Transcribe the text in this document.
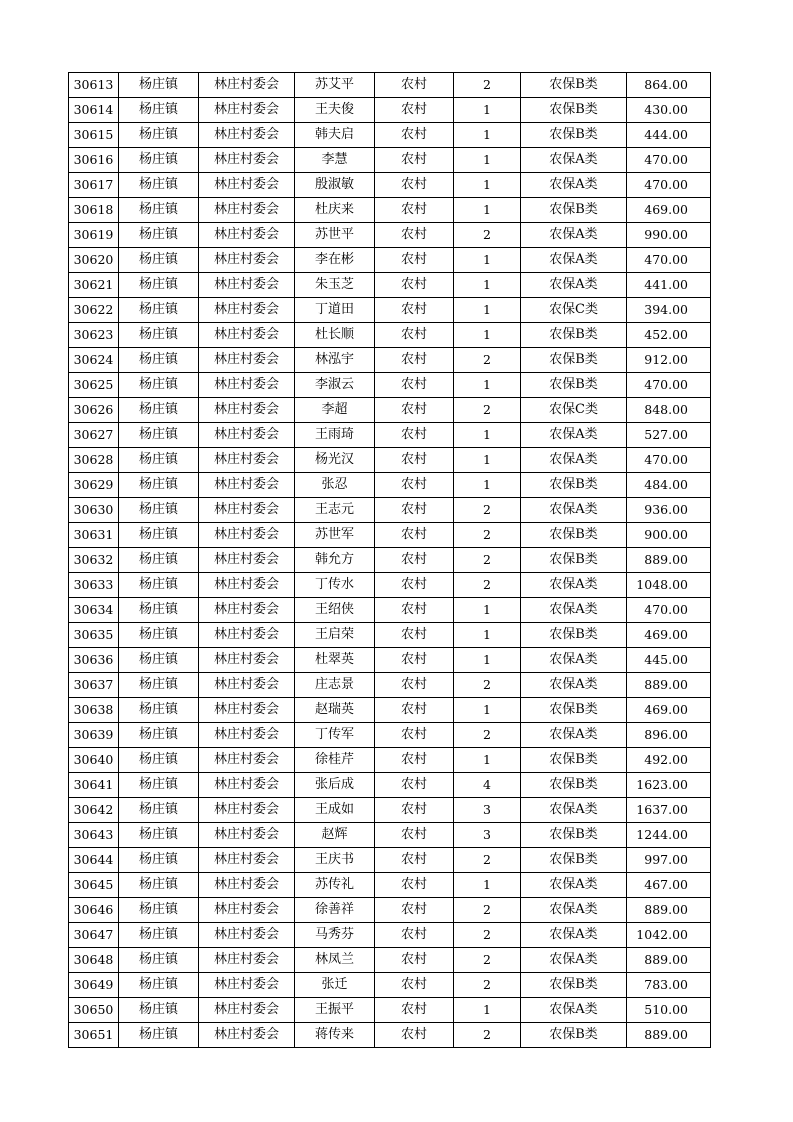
30613	杨庄镇	林庄村委会	苏艾平	农村	2	农保B类	864.00
30614	杨庄镇	林庄村委会	王夫俊	农村	1	农保B类	430.00
30615	杨庄镇	林庄村委会	韩夫启	农村	1	农保B类	444.00
30616	杨庄镇	林庄村委会	李慧	农村	1	农保A类	470.00
30617	杨庄镇	林庄村委会	殷淑敏	农村	1	农保A类	470.00
30618	杨庄镇	林庄村委会	杜庆来	农村	1	农保B类	469.00
30619	杨庄镇	林庄村委会	苏世平	农村	2	农保A类	990.00
30620	杨庄镇	林庄村委会	李在彬	农村	1	农保A类	470.00
30621	杨庄镇	林庄村委会	朱玉芝	农村	1	农保A类	441.00
30622	杨庄镇	林庄村委会	丁道田	农村	1	农保C类	394.00
30623	杨庄镇	林庄村委会	杜长顺	农村	1	农保B类	452.00
30624	杨庄镇	林庄村委会	林泓宇	农村	2	农保B类	912.00
30625	杨庄镇	林庄村委会	李淑云	农村	1	农保B类	470.00
30626	杨庄镇	林庄村委会	李超	农村	2	农保C类	848.00
30627	杨庄镇	林庄村委会	王雨琦	农村	1	农保A类	527.00
30628	杨庄镇	林庄村委会	杨光汉	农村	1	农保A类	470.00
30629	杨庄镇	林庄村委会	张忍	农村	1	农保B类	484.00
30630	杨庄镇	林庄村委会	王志元	农村	2	农保A类	936.00
30631	杨庄镇	林庄村委会	苏世军	农村	2	农保B类	900.00
30632	杨庄镇	林庄村委会	韩允方	农村	2	农保B类	889.00
30633	杨庄镇	林庄村委会	丁传水	农村	2	农保A类	1048.00
30634	杨庄镇	林庄村委会	王绍侠	农村	1	农保A类	470.00
30635	杨庄镇	林庄村委会	王启荣	农村	1	农保B类	469.00
30636	杨庄镇	林庄村委会	杜翠英	农村	1	农保A类	445.00
30637	杨庄镇	林庄村委会	庄志景	农村	2	农保A类	889.00
30638	杨庄镇	林庄村委会	赵瑞英	农村	1	农保B类	469.00
30639	杨庄镇	林庄村委会	丁传军	农村	2	农保A类	896.00
30640	杨庄镇	林庄村委会	徐桂芹	农村	1	农保B类	492.00
30641	杨庄镇	林庄村委会	张后成	农村	4	农保B类	1623.00
30642	杨庄镇	林庄村委会	王成如	农村	3	农保A类	1637.00
30643	杨庄镇	林庄村委会	赵辉	农村	3	农保B类	1244.00
30644	杨庄镇	林庄村委会	王庆书	农村	2	农保B类	997.00
30645	杨庄镇	林庄村委会	苏传礼	农村	1	农保A类	467.00
30646	杨庄镇	林庄村委会	徐善祥	农村	2	农保A类	889.00
30647	杨庄镇	林庄村委会	马秀芬	农村	2	农保A类	1042.00
30648	杨庄镇	林庄村委会	林凤兰	农村	2	农保A类	889.00
30649	杨庄镇	林庄村委会	张迁	农村	2	农保B类	783.00
30650	杨庄镇	林庄村委会	王振平	农村	1	农保A类	510.00
30651	杨庄镇	林庄村委会	蒋传来	农村	2	农保B类	889.00
